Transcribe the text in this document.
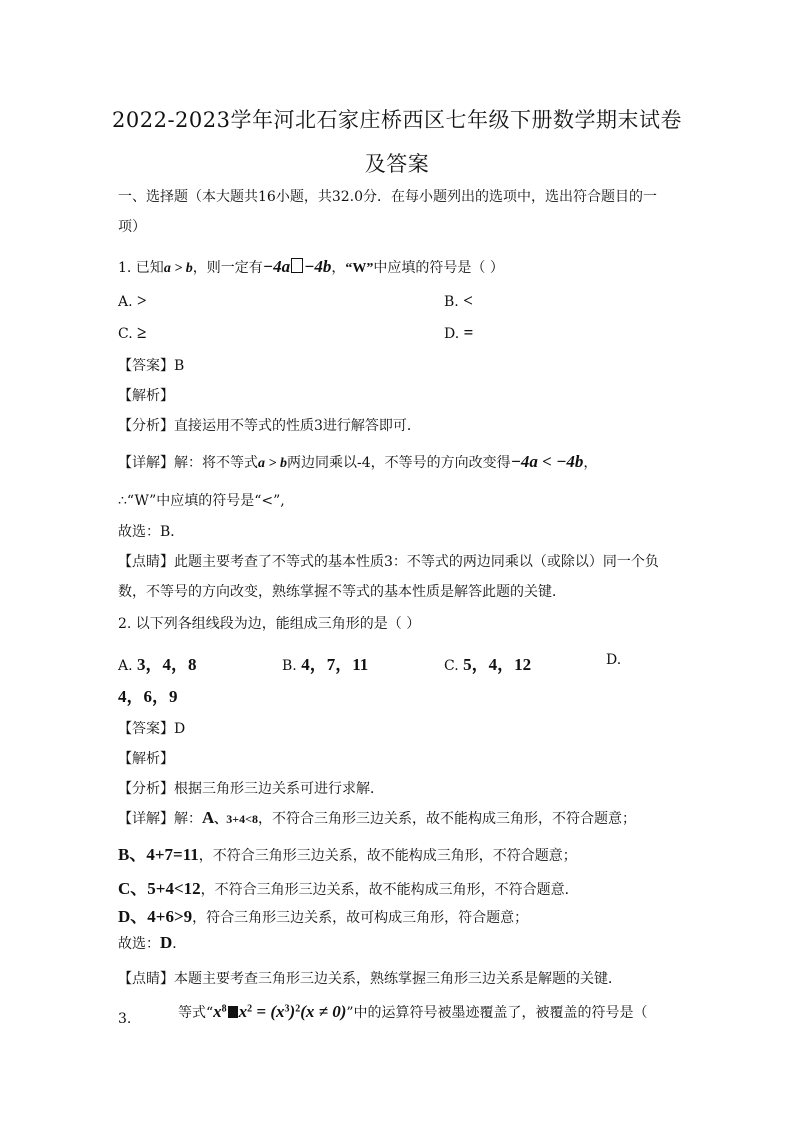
2022-2023学年河北石家庄桥西区七年级下册数学期末试卷
及答案
一、选择题（本大题共16小题，共32.0分．在每小题列出的选项中，选出符合题目的一
项）
1. 已知a > b，则一定有−4a −4b，“W”中应填的符号是（ ）
A. >	B. <
C. ≥	D. =
【答案】B
【解析】
【分析】直接运用不等式的性质3进行解答即可．
【详解】解：将不等式a > b两边同乘以-4，不等号的方向改变得−4a < −4b，
∴“W”中应填的符号是“<”,
故选：B．
【点睛】此题主要考查了不等式的基本性质3：不等式的两边同乘以（或除以）同一个负
数，不等号的方向改变，熟练掌握不等式的基本性质是解答此题的关键．
2. 以下列各组线段为边，能组成三角形的是（ ）
A. 3，4，8	B. 4，7，11	C. 5，4，12	D.
4，6，9
【答案】D
【解析】
【分析】根据三角形三边关系可进行求解．
【详解】解：A、3+4<8，不符合三角形三边关系，故不能构成三角形，不符合题意；
B、4+7=11，不符合三角形三边关系，故不能构成三角形，不符合题意；
C、5+4<12，不符合三角形三边关系，故不能构成三角形，不符合题意．
D、4+6>9，符合三角形三边关系，故可构成三角形，符合题意；
故选：D．
【点睛】本题主要考查三角形三边关系，熟练掌握三角形三边关系是解题的关键．
3.	等式“$x^8$ $x^2 = (x^3)^2(x \ne 0)$”中的运算符号被墨迹覆盖了，被覆盖的符号是（
